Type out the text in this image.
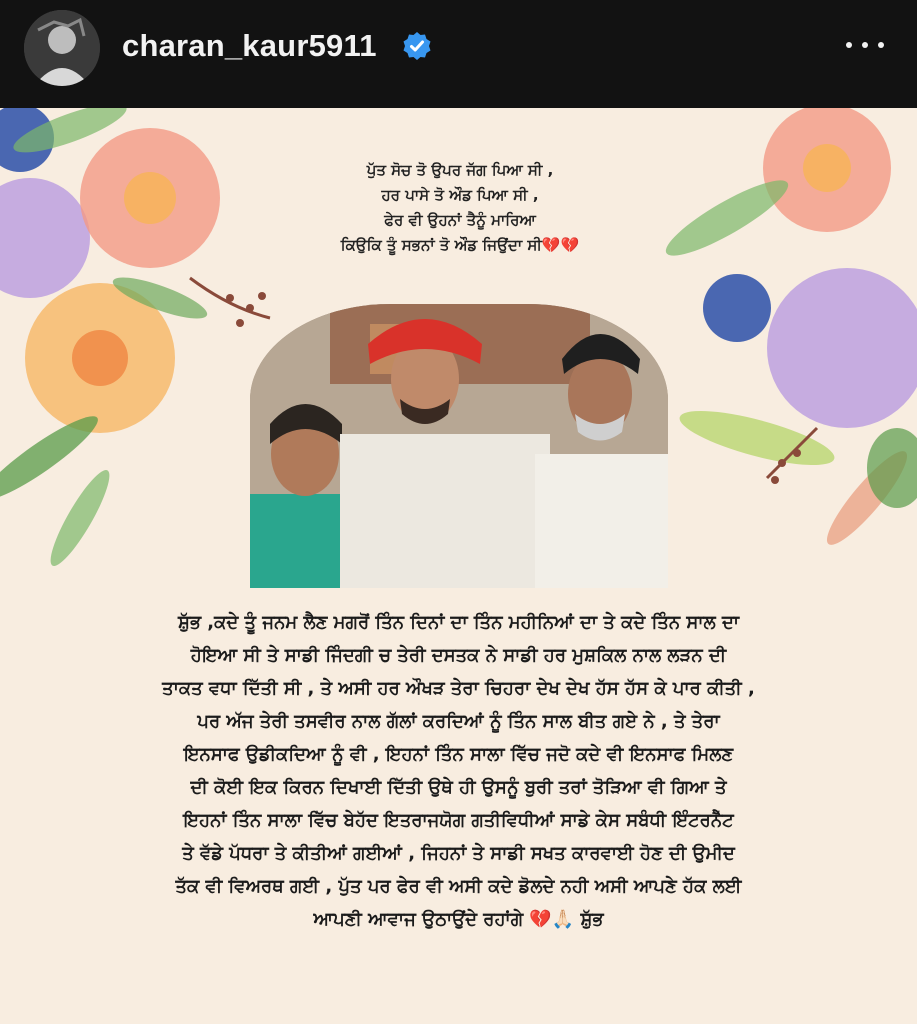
charan_kaur5911
ਪੁੱਤ ਸੋਚ ਤੋ ਉਪਰ ਜੱਗ ਪਿਆ ਸੀ ,
ਹਰ ਪਾਸੇ ਤੋ ਔਡ ਪਿਆ ਸੀ ,
ਫੇਰ ਵੀ ਉਹਨਾਂ ਤੈਨੂੰ ਮਾਰਿਆ
ਕਿਉਕਿ ਤੂੰ ਸਭਨਾਂ ਤੋ ਔਡ ਜਿਉਂਦਾ ਸੀ💔💔
ਸ਼ੁੱਭ ,ਕਦੇ ਤੂੰ ਜਨਮ ਲੈਣ ਮਗਰੋਂ ਤਿੰਨ ਦਿਨਾਂ ਦਾ ਤਿੰਨ ਮਹੀਨਿਆਂ ਦਾ ਤੇ ਕਦੇ ਤਿੰਨ ਸਾਲ ਦਾ
ਹੋਇਆ ਸੀ ਤੇ ਸਾਡੀ ਜਿੰਦਗੀ ਚ ਤੇਰੀ ਦਸਤਕ ਨੇ ਸਾਡੀ ਹਰ ਮੁਸ਼ਕਿਲ ਨਾਲ ਲੜਨ ਦੀ
ਤਾਕਤ ਵਧਾ ਦਿੱਤੀ ਸੀ , ਤੇ ਅਸੀ ਹਰ ਔਖੜ ਤੇਰਾ ਚਿਹਰਾ ਦੇਖ ਦੇਖ ਹੱਸ ਹੱਸ ਕੇ ਪਾਰ ਕੀਤੀ ,
ਪਰ ਅੱਜ ਤੇਰੀ ਤਸਵੀਰ ਨਾਲ ਗੱਲਾਂ ਕਰਦਿਆਂ ਨੂੰ ਤਿੰਨ ਸਾਲ ਬੀਤ ਗਏ ਨੇ , ਤੇ ਤੇਰਾ
ਇਨਸਾਫ ਉਡੀਕਦਿਆ ਨੂੰ ਵੀ , ਇਹਨਾਂ ਤਿੰਨ ਸਾਲਾ ਵਿੱਚ ਜਦੋ ਕਦੇ ਵੀ ਇਨਸਾਫ ਮਿਲਣ
ਦੀ ਕੋਈ ਇਕ ਕਿਰਨ ਦਿਖਾਈ ਦਿੱਤੀ ਉਥੇ ਹੀ ਉਸਨੂੰ ਬੁਰੀ ਤਰਾਂ ਤੋੜਿਆ ਵੀ ਗਿਆ ਤੇ
ਇਹਨਾਂ ਤਿੰਨ ਸਾਲਾ ਵਿੱਚ ਬੇਹੱਦ ਇਤਰਾਜਯੋਗ ਗਤੀਵਿਧੀਆਂ ਸਾਡੇ ਕੇਸ ਸਬੰਧੀ ਇੰਟਰਨੈੱਟ
ਤੇ ਵੱਡੇ ਪੱਧਰਾ ਤੇ ਕੀਤੀਆਂ ਗਈਆਂ , ਜਿਹਨਾਂ ਤੇ ਸਾਡੀ ਸਖਤ ਕਾਰਵਾਈ ਹੋਣ ਦੀ ਉਮੀਦ
ਤੱਕ ਵੀ ਵਿਅਰਥ ਗਈ , ਪੁੱਤ ਪਰ ਫੇਰ ਵੀ ਅਸੀ ਕਦੇ ਡੋਲਦੇ ਨਹੀ ਅਸੀ ਆਪਣੇ ਹੱਕ ਲਈ
ਆਪਣੀ ਆਵਾਜ ਉਠਾਉਂਦੇ ਰਹਾਂਗੇ 💔🙏🏻 ਸ਼ੁੱਭ
